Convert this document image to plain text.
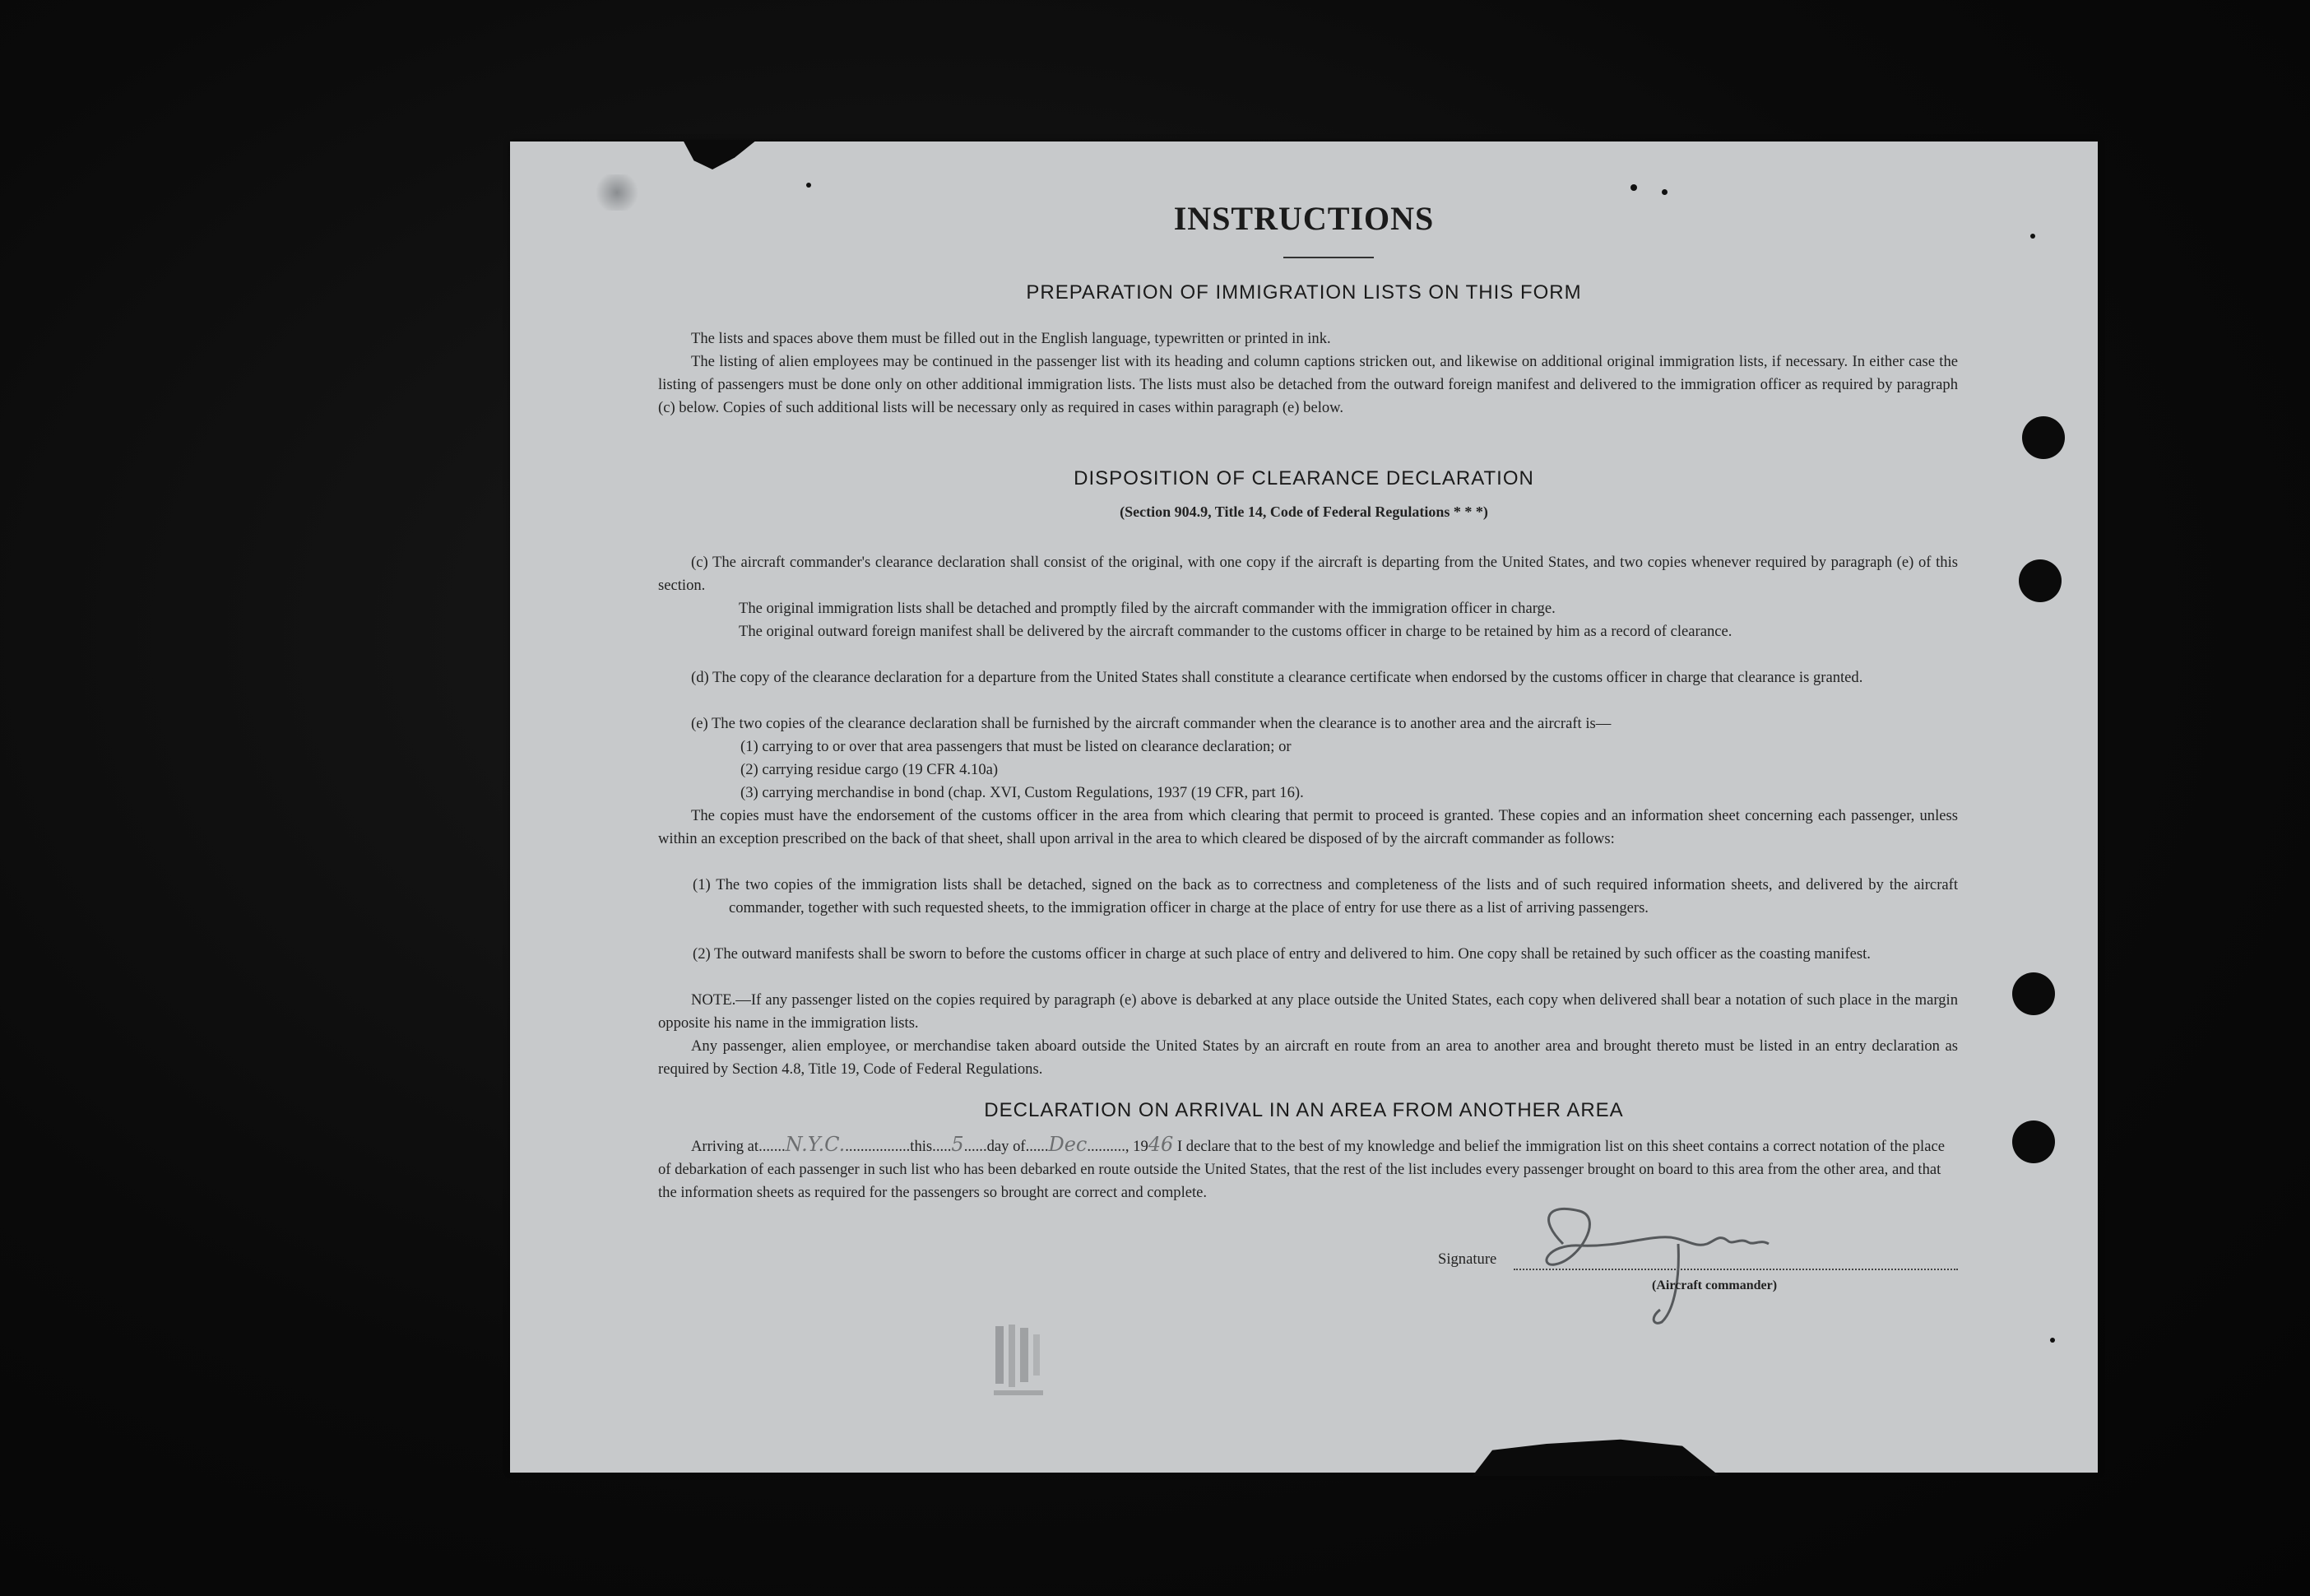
INSTRUCTIONS
PREPARATION OF IMMIGRATION LISTS ON THIS FORM
The lists and spaces above them must be filled out in the English language, typewritten or printed in ink.
The listing of alien employees may be continued in the passenger list with its heading and column captions stricken out, and likewise on additional original immigration lists, if necessary. In either case the listing of passengers must be done only on other additional immigration lists. The lists must also be detached from the outward foreign manifest and delivered to the immigration officer as required by paragraph (c) below. Copies of such additional lists will be necessary only as required in cases within paragraph (e) below.
DISPOSITION OF CLEARANCE DECLARATION
(Section 904.9, Title 14, Code of Federal Regulations * * *)
(c) The aircraft commander's clearance declaration shall consist of the original, with one copy if the aircraft is departing from the United States, and two copies whenever required by paragraph (e) of this section.
The original immigration lists shall be detached and promptly filed by the aircraft commander with the immigration officer in charge.
The original outward foreign manifest shall be delivered by the aircraft commander to the customs officer in charge to be retained by him as a record of clearance.
(d) The copy of the clearance declaration for a departure from the United States shall constitute a clearance certificate when endorsed by the customs officer in charge that clearance is granted.
(e) The two copies of the clearance declaration shall be furnished by the aircraft commander when the clearance is to another area and the aircraft is—
(1) carrying to or over that area passengers that must be listed on clearance declaration; or
(2) carrying residue cargo (19 CFR 4.10a)
(3) carrying merchandise in bond (chap. XVI, Custom Regulations, 1937 (19 CFR, part 16).
The copies must have the endorsement of the customs officer in the area from which clearing that permit to proceed is granted. These copies and an information sheet concerning each passenger, unless within an exception prescribed on the back of that sheet, shall upon arrival in the area to which cleared be disposed of by the aircraft commander as follows:
(1) The two copies of the immigration lists shall be detached, signed on the back as to correctness and completeness of the lists and of such required information sheets, and delivered by the aircraft commander, together with such requested sheets, to the immigration officer in charge at the place of entry for use there as a list of arriving passengers.
(2) The outward manifests shall be sworn to before the customs officer in charge at such place of entry and delivered to him. One copy shall be retained by such officer as the coasting manifest.
NOTE.—If any passenger listed on the copies required by paragraph (e) above is debarked at any place outside the United States, each copy when delivered shall bear a notation of such place in the margin opposite his name in the immigration lists.
Any passenger, alien employee, or merchandise taken aboard outside the United States by an aircraft en route from an area to another area and brought thereto must be listed in an entry declaration as required by Section 4.8, Title 19, Code of Federal Regulations.
DECLARATION ON ARRIVAL IN AN AREA FROM ANOTHER AREA
Arriving at.......N.Y.C..................this.....5......day of......Dec.........., 1946 I declare that to the best of my knowledge and belief the immigration list on this sheet contains a correct notation of the place of debarkation of each passenger in such list who has been debarked en route outside the United States, that the rest of the list includes every passenger brought on board to this area from the other area, and that the information sheets as required for the passengers so brought are correct and complete.
Signature
(Aircraft commander)
